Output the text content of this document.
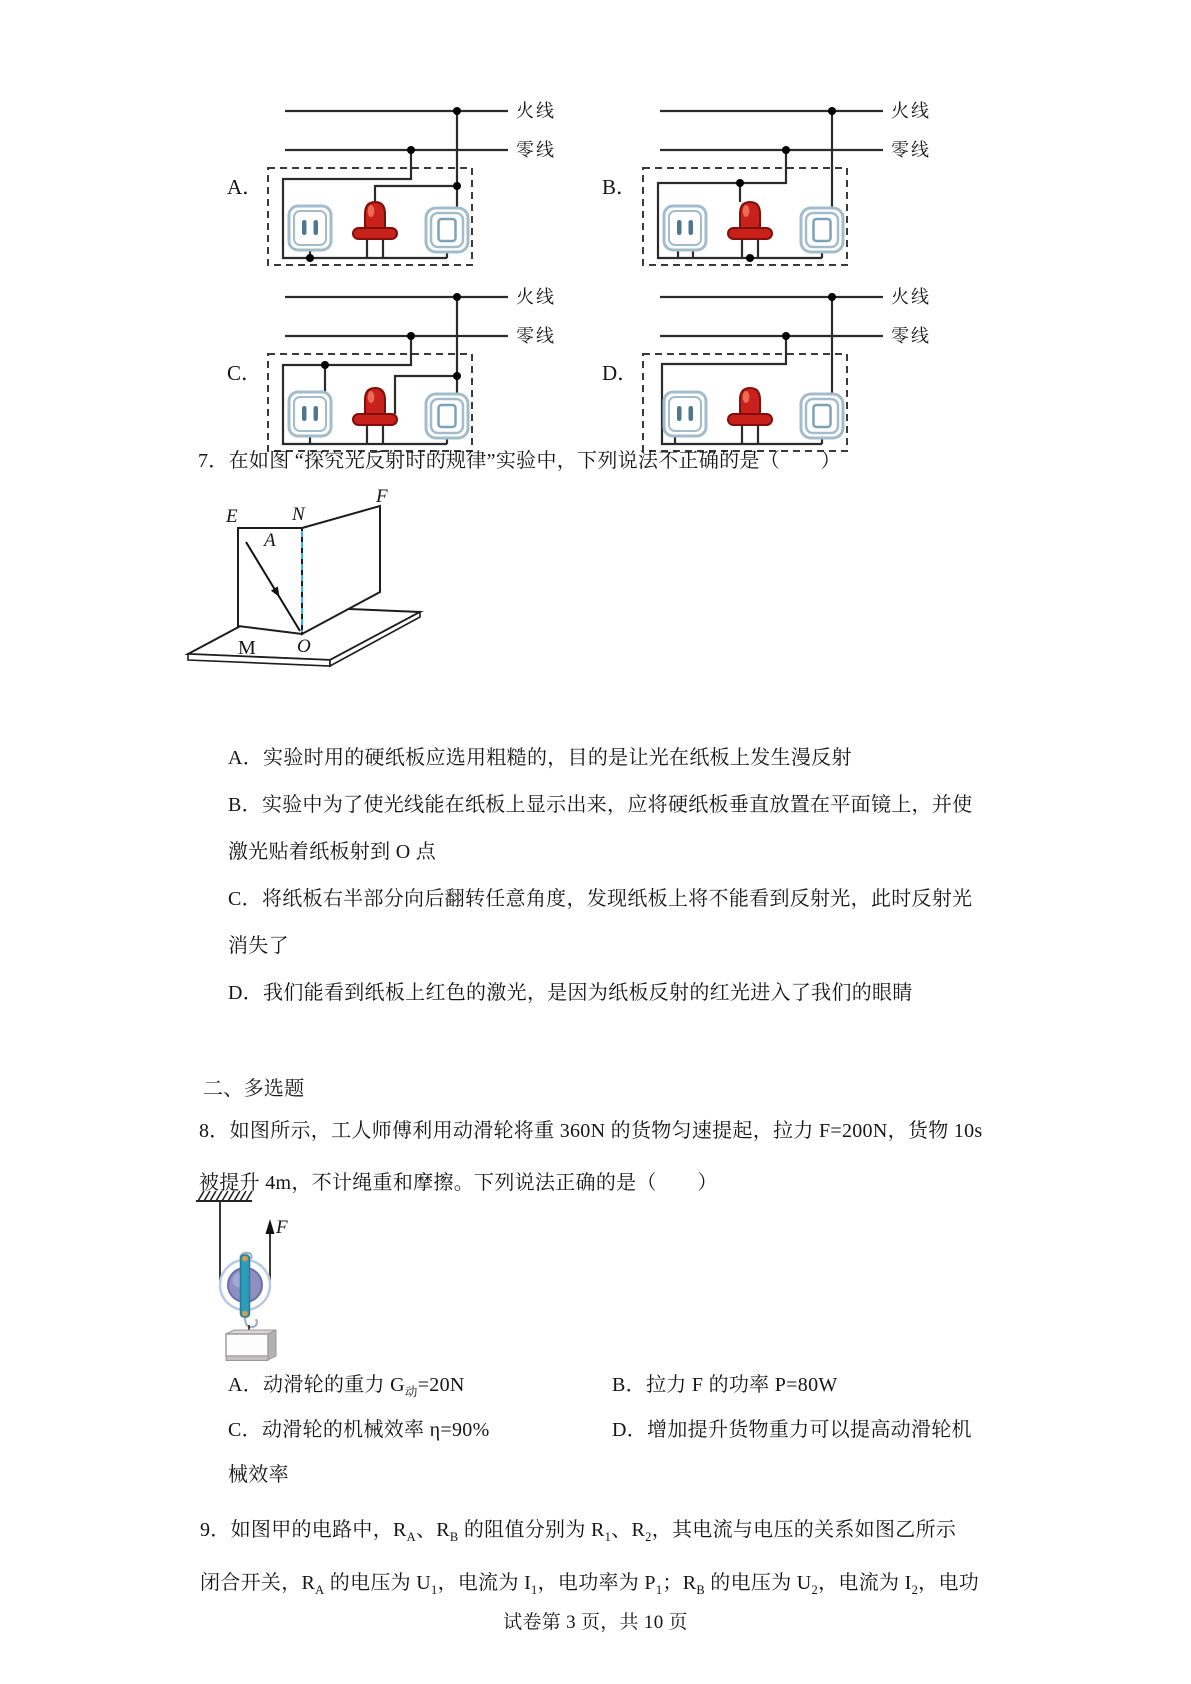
A．
火线
零线
B．
火线
零线
C．
火线
零线
D．
火线
零线
7．在如图 “探究光反射时的规律”实验中，下列说法不正确的是（　　）
E	N
F
A
O
M
A．实验时用的硬纸板应选用粗糙的，目的是让光在纸板上发生漫反射
B．实验中为了使光线能在纸板上显示出来，应将硬纸板垂直放置在平面镜上，并使
激光贴着纸板射到 O 点
C．将纸板右半部分向后翻转任意角度，发现纸板上将不能看到反射光，此时反射光
消失了
D．我们能看到纸板上红色的激光，是因为纸板反射的红光进入了我们的眼睛
二、多选题
8．如图所示，工人师傅利用动滑轮将重 360N 的货物匀速提起，拉力 F=200N，货物 10s
被提升 4m，不计绳重和摩擦。下列说法正确的是（　　）
F
A．动滑轮的重力 $G_动=20N$	B．拉力 F 的功率 P=80W
C．动滑轮的机械效率 η=90%	D．增加提升货物重力可以提高动滑轮机
械效率
9．如图甲的电路中，$R_A$、$R_B$ 的阻值分别为 $R_1$、$R_2$，其电流与电压的关系如图乙所示
闭合开关，$R_A$ 的电压为 $U_1$，电流为 $I_1$，电功率为 $P_1$；$R_B$ 的电压为 $U_2$，电流为 $I_2$，电功
试卷第 3 页，共 10 页
